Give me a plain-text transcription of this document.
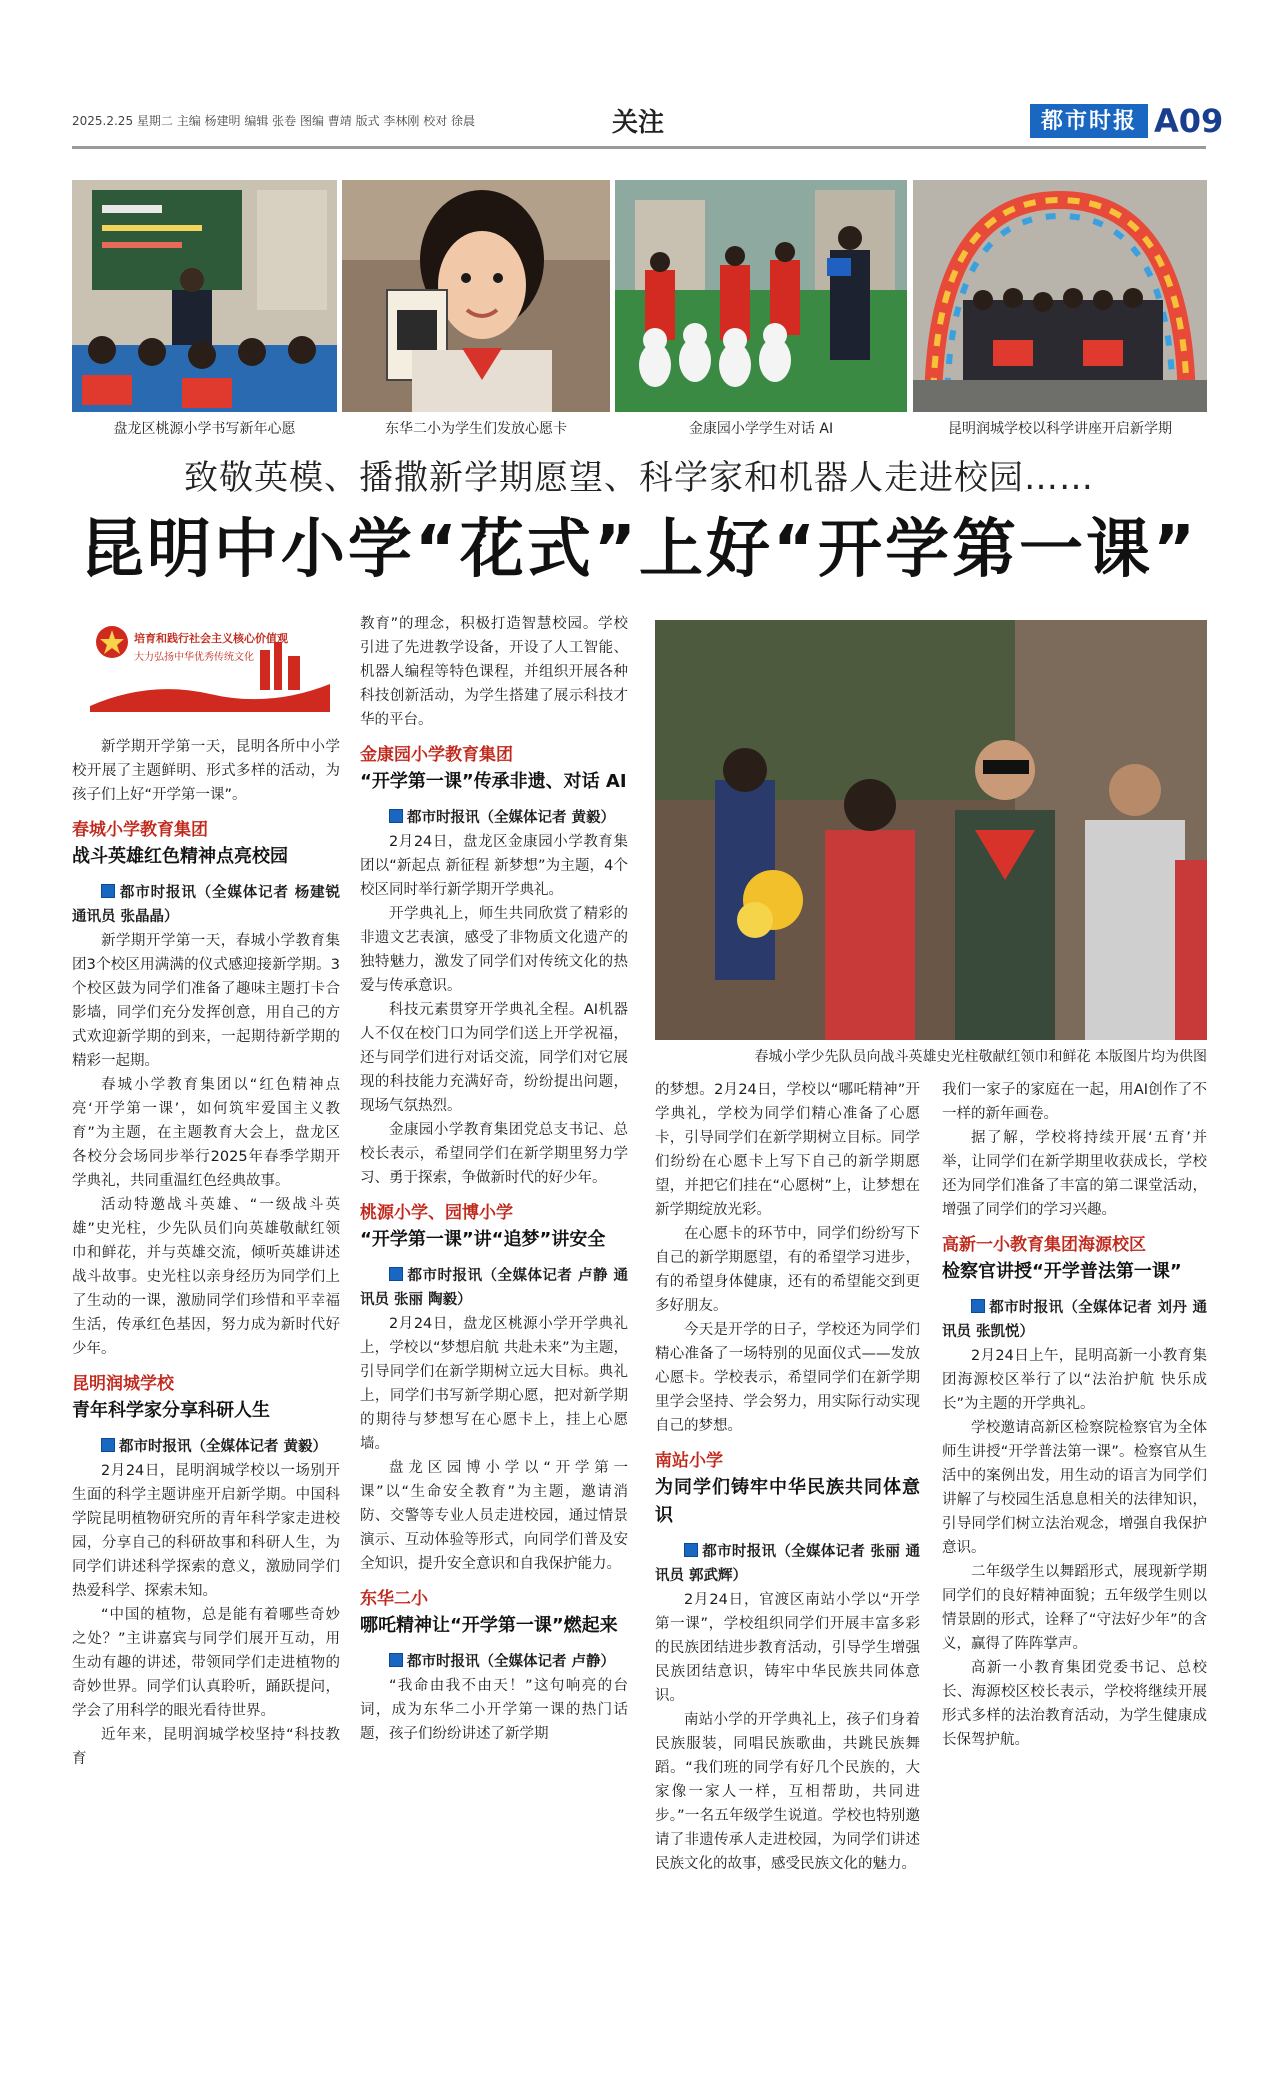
2025.2.25 星期二 主编 杨建明 编辑 张卷 图编 曹靖 版式 李林刚 校对 徐晨	关注	都市时报 A09
盘龙区桃源小学书写新年心愿	东华二小为学生们发放心愿卡	金康园小学学生对话 AI	昆明润城学校以科学讲座开启新学期
致敬英模、播撒新学期愿望、科学家和机器人走进校园……
昆明中小学“花式”上好“开学第一课”
培育和践行社会主义核心价值观
大力弘扬中华优秀传统文化
春城小学少先队员向战斗英雄史光柱敬献红领巾和鲜花 本版图片均为供图

新学期开学第一天，昆明各所中小学校开展了主题鲜明、形式多样的活动，为孩子们上好“开学第一课”。

春城小学教育集团
战斗英雄红色精神点亮校园

都市时报讯（全媒体记者 杨建锐 通讯员 张晶晶）

新学期开学第一天，春城小学教育集团3个校区用满满的仪式感迎接新学期。3个校区鼓为同学们准备了趣味主题打卡合影墙，同学们充分发挥创意，用自己的方式欢迎新学期的到来，一起期待新学期的精彩一起期。

春城小学教育集团以“红色精神点亮‘开学第一课’，如何筑牢爱国主义教育”为主题，在主题教育大会上，盘龙区各校分会场同步举行2025年春季学期开学典礼，共同重温红色经典故事。

活动特邀战斗英雄、“一级战斗英雄”史光柱，少先队员们向英雄敬献红领巾和鲜花，并与英雄交流，倾听英雄讲述战斗故事。史光柱以亲身经历为同学们上了生动的一课，激励同学们珍惜和平幸福生活，传承红色基因，努力成为新时代好少年。

昆明润城学校
青年科学家分享科研人生

都市时报讯（全媒体记者 黄毅）

2月24日，昆明润城学校以一场别开生面的科学主题讲座开启新学期。中国科学院昆明植物研究所的青年科学家走进校园，分享自己的科研故事和科研人生，为同学们讲述科学探索的意义，激励同学们热爱科学、探索未知。

“中国的植物，总是能有着哪些奇妙之处？”主讲嘉宾与同学们展开互动，用生动有趣的讲述，带领同学们走进植物的奇妙世界。同学们认真聆听，踊跃提问，学会了用科学的眼光看待世界。

近年来，昆明润城学校坚持“科技教育

教育”的理念，积极打造智慧校园。学校引进了先进教学设备，开设了人工智能、机器人编程等特色课程，并组织开展各种科技创新活动，为学生搭建了展示科技才华的平台。

金康园小学教育集团
“开学第一课”传承非遗、对话 AI

都市时报讯（全媒体记者 黄毅）

2月24日，盘龙区金康园小学教育集团以“新起点 新征程 新梦想”为主题，4个校区同时举行新学期开学典礼。

开学典礼上，师生共同欣赏了精彩的非遗文艺表演，感受了非物质文化遗产的独特魅力，激发了同学们对传统文化的热爱与传承意识。

科技元素贯穿开学典礼全程。AI机器人不仅在校门口为同学们送上开学祝福，还与同学们进行对话交流，同学们对它展现的科技能力充满好奇，纷纷提出问题，现场气氛热烈。

金康园小学教育集团党总支书记、总校长表示，希望同学们在新学期里努力学习、勇于探索，争做新时代的好少年。

桃源小学、园博小学
“开学第一课”讲“追梦”讲安全

都市时报讯（全媒体记者 卢静 通讯员 张丽 陶毅）

2月24日，盘龙区桃源小学开学典礼上，学校以“梦想启航 共赴未来”为主题，引导同学们在新学期树立远大目标。典礼上，同学们书写新学期心愿，把对新学期的期待与梦想写在心愿卡上，挂上心愿墙。

盘龙区园博小学以“开学第一课”以“生命安全教育”为主题，邀请消防、交警等专业人员走进校园，通过情景演示、互动体验等形式，向同学们普及安全知识，提升安全意识和自我保护能力。

东华二小
哪吒精神让“开学第一课”燃起来

都市时报讯（全媒体记者 卢静）

“我命由我不由天！”这句响亮的台词，成为东华二小开学第一课的热门话题，孩子们纷纷讲述了新学期

的梦想。2月24日，学校以“哪吒精神”开学典礼，学校为同学们精心准备了心愿卡，引导同学们在新学期树立目标。同学们纷纷在心愿卡上写下自己的新学期愿望，并把它们挂在“心愿树”上，让梦想在新学期绽放光彩。

在心愿卡的环节中，同学们纷纷写下自己的新学期愿望，有的希望学习进步，有的希望身体健康，还有的希望能交到更多好朋友。

今天是开学的日子，学校还为同学们精心准备了一场特别的见面仪式——发放心愿卡。学校表示，希望同学们在新学期里学会坚持、学会努力，用实际行动实现自己的梦想。

南站小学
为同学们铸牢中华民族共同体意识

都市时报讯（全媒体记者 张丽 通讯员 郭武辉）

2月24日，官渡区南站小学以“开学第一课”，学校组织同学们开展丰富多彩的民族团结进步教育活动，引导学生增强民族团结意识，铸牢中华民族共同体意识。

南站小学的开学典礼上，孩子们身着民族服装，同唱民族歌曲，共跳民族舞蹈。“我们班的同学有好几个民族的，大家像一家人一样，互相帮助，共同进步。”一名五年级学生说道。学校也特别邀请了非遗传承人走进校园，为同学们讲述民族文化的故事，感受民族文化的魅力。

我们一家子的家庭在一起，用AI创作了不一样的新年画卷。

据了解，学校将持续开展‘五育’并举，让同学们在新学期里收获成长，学校还为同学们准备了丰富的第二课堂活动，增强了同学们的学习兴趣。

高新一小教育集团海源校区
检察官讲授“开学普法第一课”

都市时报讯（全媒体记者 刘丹 通讯员 张凯悦）

2月24日上午，昆明高新一小教育集团海源校区举行了以“法治护航 快乐成长”为主题的开学典礼。

学校邀请高新区检察院检察官为全体师生讲授“开学普法第一课”。检察官从生活中的案例出发，用生动的语言为同学们讲解了与校园生活息息相关的法律知识，引导同学们树立法治观念，增强自我保护意识。

二年级学生以舞蹈形式，展现新学期同学们的良好精神面貌；五年级学生则以情景剧的形式，诠释了“守法好少年”的含义，赢得了阵阵掌声。

高新一小教育集团党委书记、总校长、海源校区校长表示，学校将继续开展形式多样的法治教育活动，为学生健康成长保驾护航。
